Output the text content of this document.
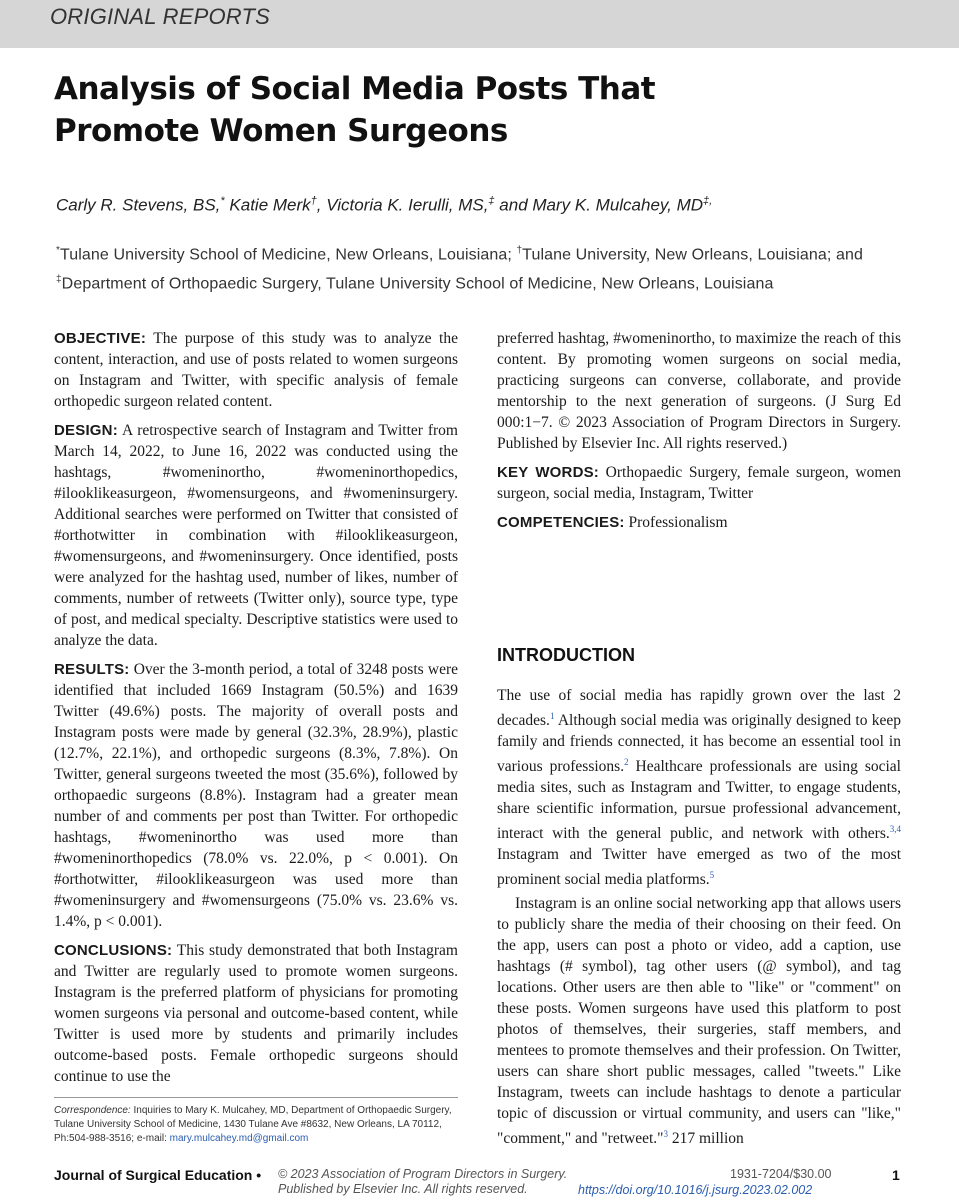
ORIGINAL REPORTS
Analysis of Social Media Posts That
Promote Women Surgeons
Carly R. Stevens, BS,* Katie Merk†, Victoria K. Ierulli, MS,‡ and Mary K. Mulcahey, MD‡,
*Tulane University School of Medicine, New Orleans, Louisiana; †Tulane University, New Orleans, Louisiana; and ‡Department of Orthopaedic Surgery, Tulane University School of Medicine, New Orleans, Louisiana

OBJECTIVE: The purpose of this study was to analyze the content, interaction, and use of posts related to women surgeons on Instagram and Twitter, with specific analysis of female orthopedic surgeon related content.

DESIGN: A retrospective search of Instagram and Twitter from March 14, 2022, to June 16, 2022 was conducted using the hashtags, #womeninortho, #womeninorthopedics, #ilooklikeasurgeon, #womensurgeons, and #womeninsurgery. Additional searches were performed on Twitter that consisted of #orthotwitter in combination with #ilooklikeasurgeon, #womensurgeons, and #womeninsurgery. Once identified, posts were analyzed for the hashtag used, number of likes, number of comments, number of retweets (Twitter only), source type, type of post, and medical specialty. Descriptive statistics were used to analyze the data.

RESULTS: Over the 3-month period, a total of 3248 posts were identified that included 1669 Instagram (50.5%) and 1639 Twitter (49.6%) posts. The majority of overall posts and Instagram posts were made by general (32.3%, 28.9%), plastic (12.7%, 22.1%), and orthopedic surgeons (8.3%, 7.8%). On Twitter, general surgeons tweeted the most (35.6%), followed by orthopaedic surgeons (8.8%). Instagram had a greater mean number of and comments per post than Twitter. For orthopedic hashtags, #womeninortho was used more than #womeninorthopedics (78.0% vs. 22.0%, p < 0.001). On #orthotwitter, #ilooklikeasurgeon was used more than #womeninsurgery and #womensurgeons (75.0% vs. 23.6% vs. 1.4%, p < 0.001).

CONCLUSIONS: This study demonstrated that both Instagram and Twitter are regularly used to promote women surgeons. Instagram is the preferred platform of physicians for promoting women surgeons via personal and outcome-based content, while Twitter is used more by students and primarily includes outcome-based posts. Female orthopedic surgeons should continue to use the

preferred hashtag, #womeninortho, to maximize the reach of this content. By promoting women surgeons on social media, practicing surgeons can converse, collaborate, and provide mentorship to the next generation of surgeons. (J Surg Ed 000:1−7. © 2023 Association of Program Directors in Surgery. Published by Elsevier Inc. All rights reserved.)

KEY WORDS: Orthopaedic Surgery, female surgeon, women surgeon, social media, Instagram, Twitter

COMPETENCIES: Professionalism

INTRODUCTION

The use of social media has rapidly grown over the last 2 decades.$^1$ Although social media was originally designed to keep family and friends connected, it has become an essential tool in various professions.$^2$ Healthcare professionals are using social media sites, such as Instagram and Twitter, to engage students, share scientific information, pursue professional advancement, interact with the general public, and network with others.$^{3,4}$ Instagram and Twitter have emerged as two of the most prominent social media platforms.$^5$

Instagram is an online social networking app that allows users to publicly share the media of their choosing on their feed. On the app, users can post a photo or video, add a caption, use hashtags (# symbol), tag other users (@ symbol), and tag locations. Other users are then able to "like" or "comment" on these posts. Women surgeons have used this platform to post photos of themselves, their surgeries, staff members, and mentees to promote themselves and their profession. On Twitter, users can share short public messages, called "tweets." Like Instagram, tweets can include hashtags to denote a particular topic of discussion or virtual community, and users can "like," "comment," and "retweet."$^3$ 217 million

Correspondence: Inquiries to Mary K. Mulcahey, MD, Department of Orthopaedic Surgery, Tulane University School of Medicine, 1430 Tulane Ave #8632, New Orleans, LA 70112, Ph:504-988-3516; e-mail: mary.mulcahey.md@gmail.com
Journal of Surgical Education • © 2023 Association of Program Directors in Surgery. Published by Elsevier Inc. All rights reserved.
1931-7204/$30.00
https://doi.org/10.1016/j.jsurg.2023.02.002
1
